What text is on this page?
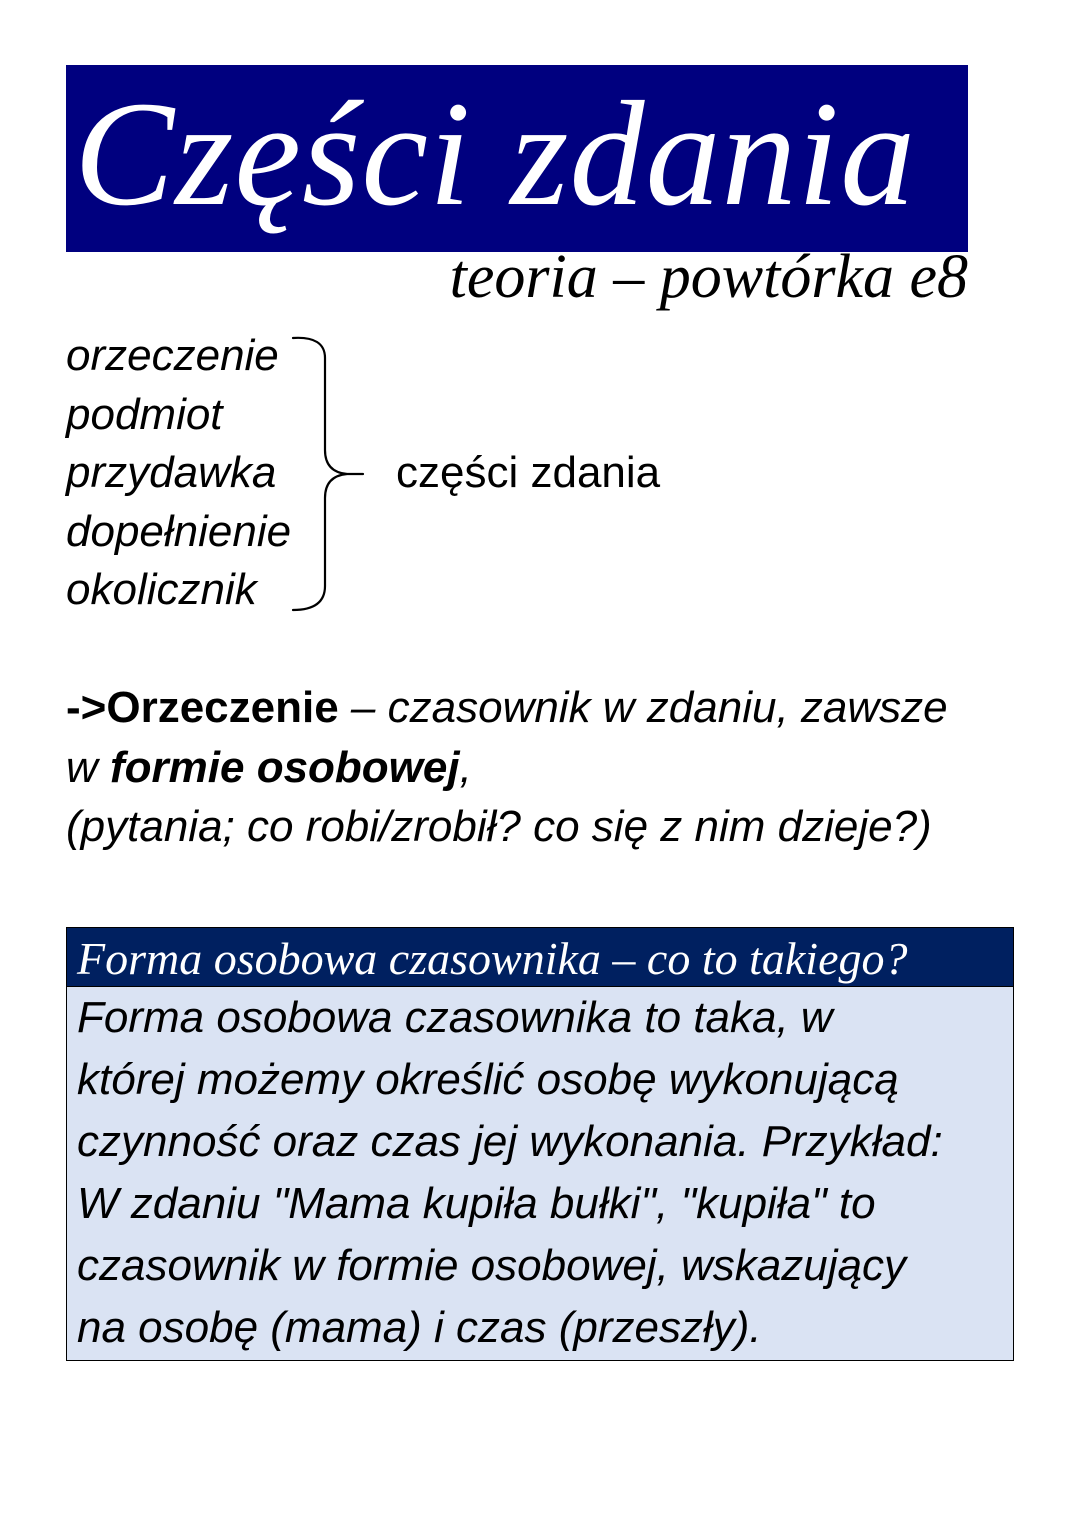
Części zdania
teoria – powtórka e8
orzeczenie
podmiot
przydawka
dopełnienie
okolicznik
części zdania
->Orzeczenie – czasownik w zdaniu, zawsze
w formie osobowej,
(pytania; co robi/zrobił? co się z nim dzieje?)
Forma osobowa czasownika – co to takiego?
Forma osobowa czasownika to taka, w
której możemy określić osobę wykonującą
czynność oraz czas jej wykonania. Przykład:
W zdaniu "Mama kupiła bułki", "kupiła" to
czasownik w formie osobowej, wskazujący
na osobę (mama) i czas (przeszły).
